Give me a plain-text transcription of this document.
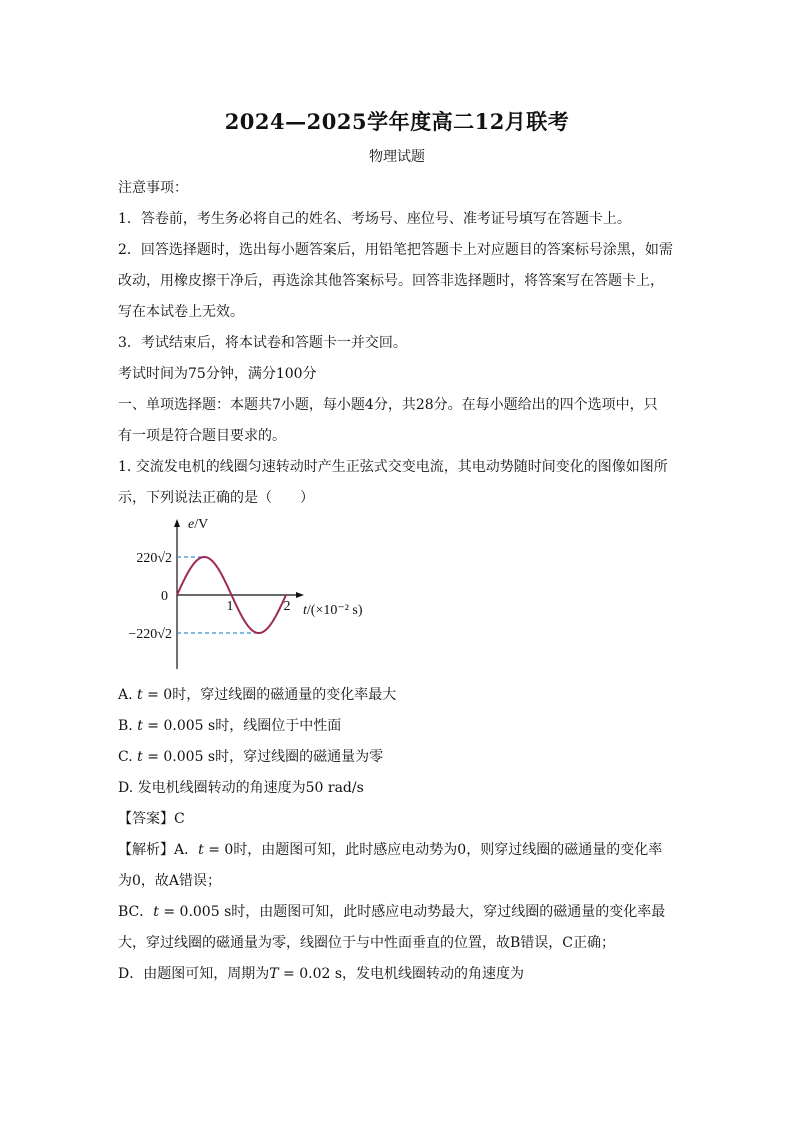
2024—2025学年度高二12月联考
物理试题
注意事项：
1．答卷前，考生务必将自己的姓名、考场号、座位号、准考证号填写在答题卡上。
2．回答选择题时，选出每小题答案后，用铅笔把答题卡上对应题目的答案标号涂黑，如需
改动，用橡皮擦干净后，再选涂其他答案标号。回答非选择题时，将答案写在答题卡上，
写在本试卷上无效。
3．考试结束后，将本试卷和答题卡一并交回。
考试时间为75分钟，满分100分
一、单项选择题：本题共7小题，每小题4分，共28分。在每小题给出的四个选项中，只
有一项是符合题目要求的。
1. 交流发电机的线圈匀速转动时产生正弦式交变电流，其电动势随时间变化的图像如图所
示，下列说法正确的是（　　）
e/V
220√2
0
−220√2
1	2 t/(×10⁻² s)
A. t = 0时，穿过线圈的磁通量的变化率最大
B. t = 0.005 s时，线圈位于中性面
C. t = 0.005 s时，穿过线圈的磁通量为零
D. 发电机线圈转动的角速度为50 rad/s
【答案】C
【解析】A．t = 0时，由题图可知，此时感应电动势为0，则穿过线圈的磁通量的变化率
为0，故A错误；
BC．t = 0.005 s时，由题图可知，此时感应电动势最大，穿过线圈的磁通量的变化率最
大，穿过线圈的磁通量为零，线圈位于与中性面垂直的位置，故B错误，C正确；
D．由题图可知，周期为T = 0.02 s，发电机线圈转动的角速度为
